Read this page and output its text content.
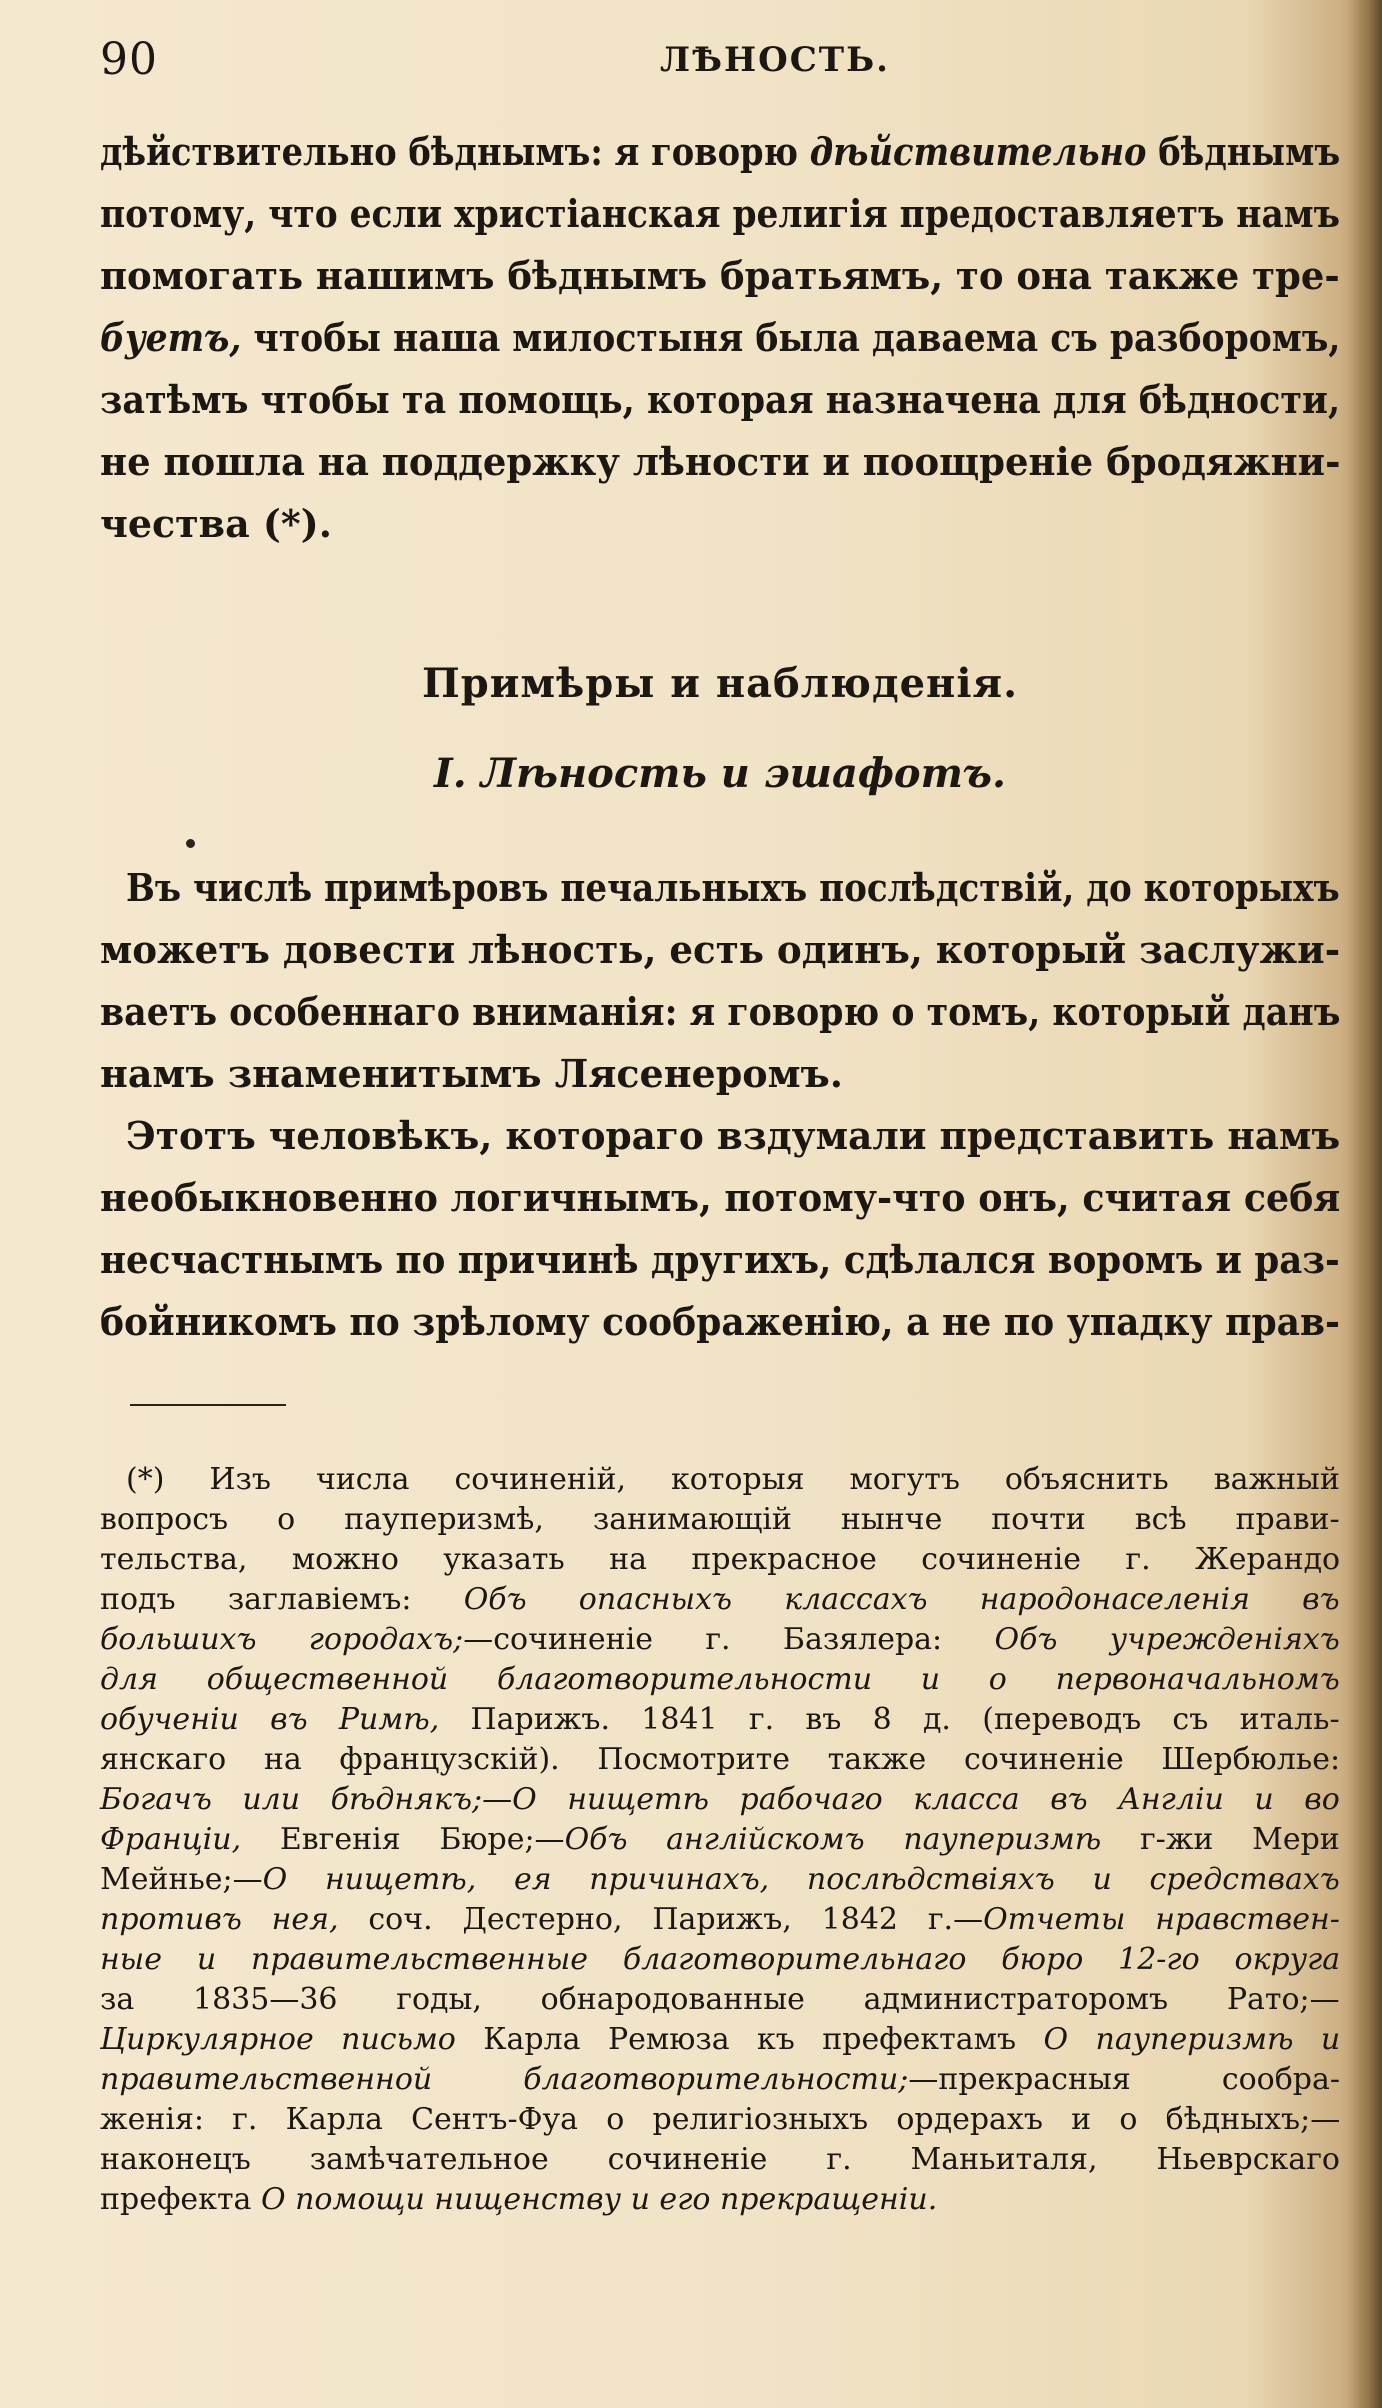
90	ЛѢНОСТЬ.
дѣйствительно бѣднымъ: я говорю дѣйствительно бѣднымъ
потому, что если христіанская религія предоставляетъ намъ
помогать нашимъ бѣднымъ братьямъ, то она также тре-
буетъ, чтобы наша милостыня была даваема съ разборомъ,
затѣмъ чтобы та помощь, которая назначена для бѣдности,
не пошла на поддержку лѣности и поощреніе бродяжни-
чества (*).
Примѣры и наблюденія.
I. Лѣность и эшафотъ.
Въ числѣ примѣровъ печальныхъ послѣдствій, до которыхъ
можетъ довести лѣность, есть одинъ, который заслужи-
ваетъ особеннаго вниманія: я говорю о томъ, который данъ
намъ знаменитымъ Лясенеромъ.
Этотъ человѣкъ, котораго вздумали представить намъ
необыкновенно логичнымъ, потому-что онъ, считая себя
несчастнымъ по причинѣ другихъ, сдѣлался воромъ и раз-
бойникомъ по зрѣлому соображенію, а не по упадку прав-
(*) Изъ числа сочиненій, которыя могутъ объяснить важный
вопросъ о пауперизмѣ, занимающій нынче почти всѣ прави-
тельства, можно указать на прекрасное сочиненіе г. Жерандо
подъ заглавіемъ: Объ опасныхъ классахъ народонаселенія въ
большихъ городахъ;—сочиненіе г. Базялера: Объ учрежденіяхъ
для общественной благотворительности и о первоначальномъ
обученіи въ Римѣ, Парижъ. 1841 г. въ 8 д. (переводъ съ италь-
янскаго на французскій). Посмотрите также сочиненіе Шербюлье:
Богачъ или бѣднякъ;—О нищетѣ рабочаго класса въ Англіи и во
Франціи, Евгенія Бюре;—Объ англійскомъ пауперизмѣ г-жи Мери
Мейнье;—О нищетѣ, ея причинахъ, послѣдствіяхъ и средствахъ
противъ нея, соч. Дестерно, Парижъ, 1842 г.—Отчеты нравствен-
ные и правительственные благотворительнаго бюро 12-го округа
за 1835—36 годы, обнародованные администраторомъ Рато;—
Циркулярное письмо Карла Ремюза къ префектамъ О пауперизмѣ и
правительственной благотворительности;—прекрасныя сообра-
женія: г. Карла Сентъ-Фуа о религіозныхъ ордерахъ и о бѣдныхъ;—
наконецъ замѣчательное сочиненіе г. Маньиталя, Ньеврскаго
префекта О помощи нищенству и его прекращеніи.
